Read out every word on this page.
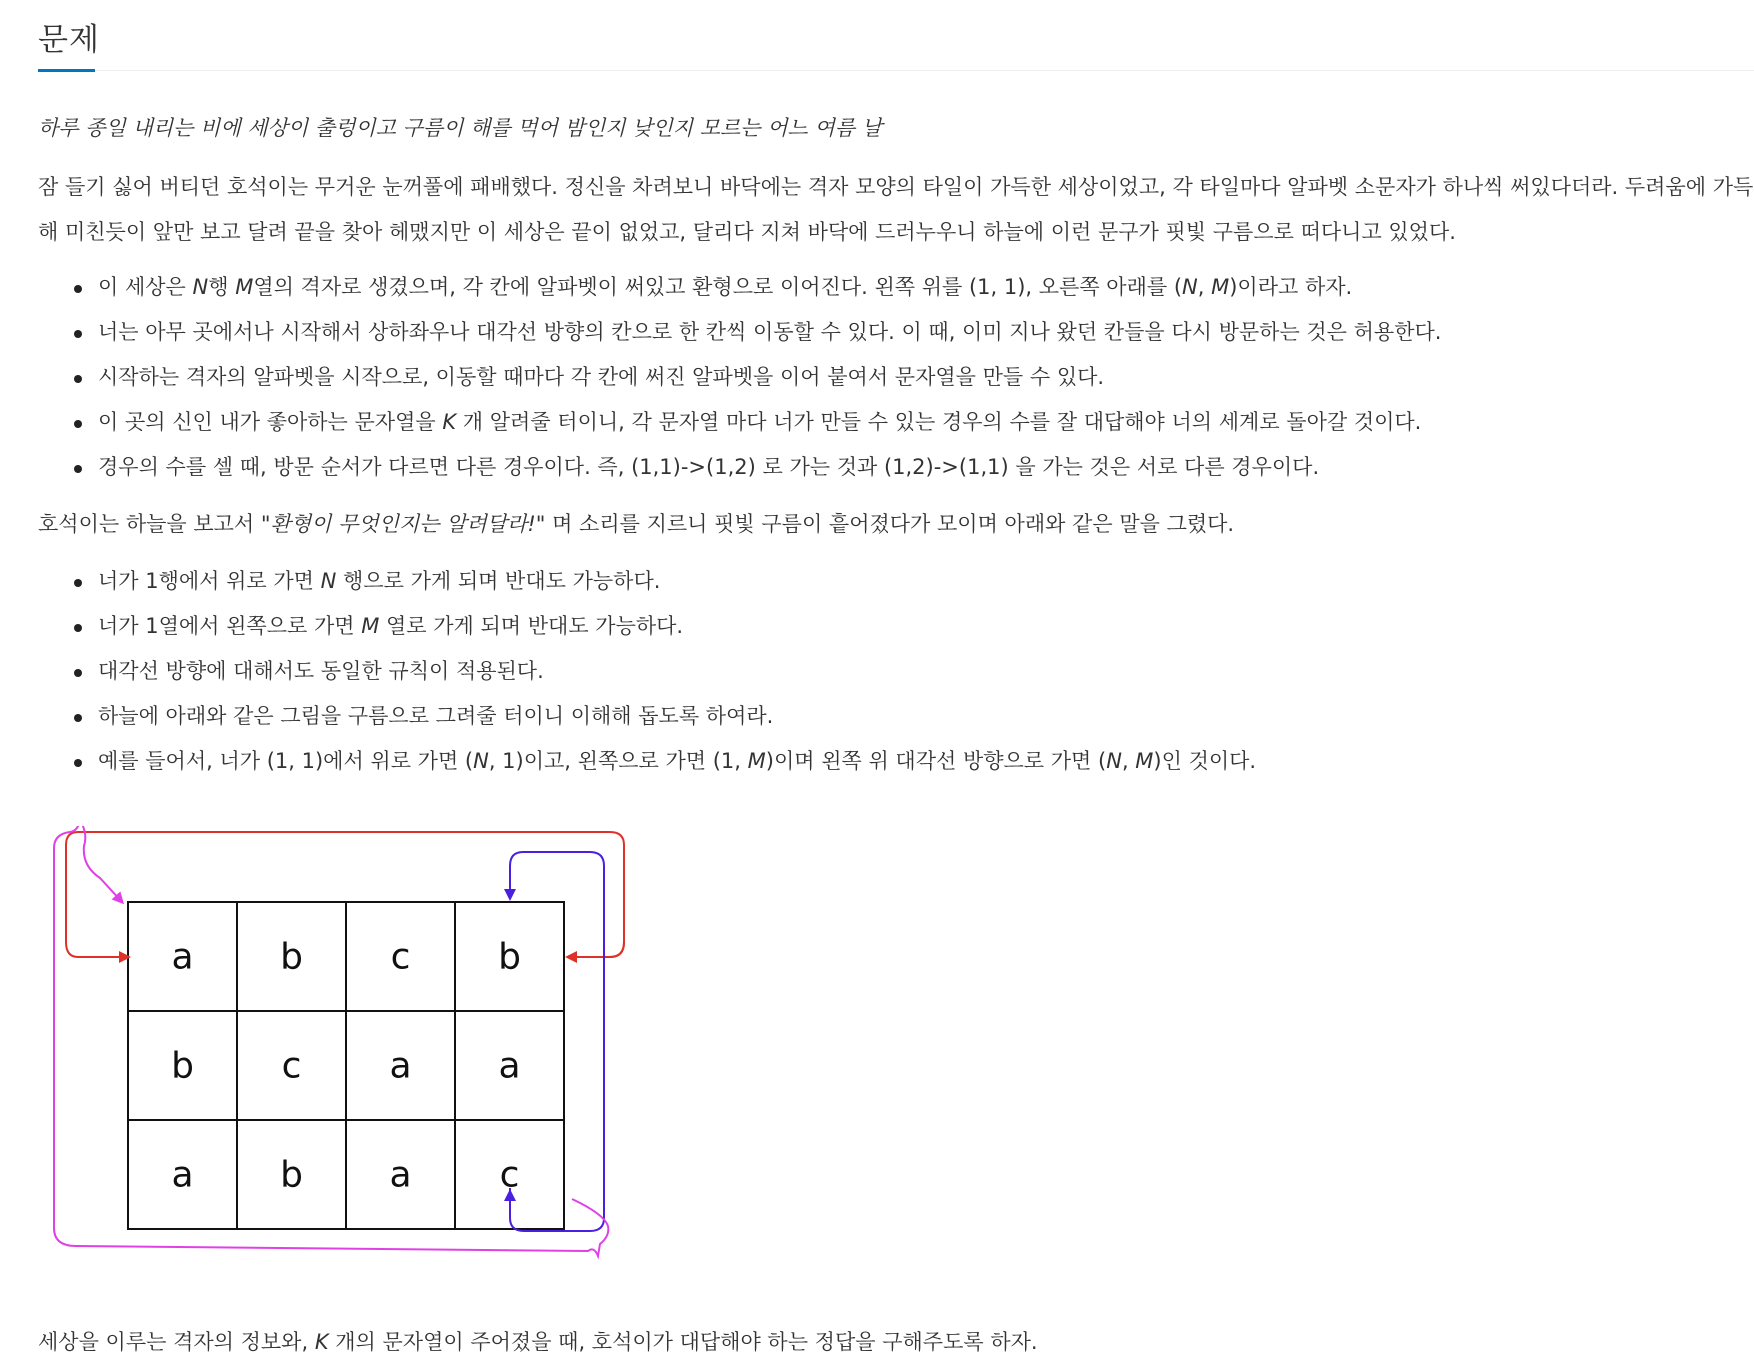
문제

하루 종일 내리는 비에 세상이 출렁이고 구름이 해를 먹어 밤인지 낮인지 모르는 어느 여름 날

잠 들기 싫어 버티던 호석이는 무거운 눈꺼풀에 패배했다. 정신을 차려보니 바닥에는 격자 모양의 타일이 가득한 세상이었고, 각 타일마다 알파벳 소문자가 하나씩 써있다더라. 두려움에 가득해 미친듯이 앞만 보고 달려 끝을 찾아 헤맸지만 이 세상은 끝이 없었고, 달리다 지쳐 바닥에 드러누우니 하늘에 이런 문구가 핏빛 구름으로 떠다니고 있었다.

이 세상은 N행 M열의 격자로 생겼으며, 각 칸에 알파벳이 써있고 환형으로 이어진다. 왼쪽 위를 (1, 1), 오른쪽 아래를 (N, M)이라고 하자.
너는 아무 곳에서나 시작해서 상하좌우나 대각선 방향의 칸으로 한 칸씩 이동할 수 있다. 이 때, 이미 지나 왔던 칸들을 다시 방문하는 것은 허용한다.
시작하는 격자의 알파벳을 시작으로, 이동할 때마다 각 칸에 써진 알파벳을 이어 붙여서 문자열을 만들 수 있다.
이 곳의 신인 내가 좋아하는 문자열을 K 개 알려줄 터이니, 각 문자열 마다 너가 만들 수 있는 경우의 수를 잘 대답해야 너의 세계로 돌아갈 것이다.
경우의 수를 셀 때, 방문 순서가 다르면 다른 경우이다. 즉, (1,1)->(1,2) 로 가는 것과 (1,2)->(1,1) 을 가는 것은 서로 다른 경우이다.

호석이는 하늘을 보고서 "환형이 무엇인지는 알려달라!" 며 소리를 지르니 핏빛 구름이 흩어졌다가 모이며 아래와 같은 말을 그렸다.

너가 1행에서 위로 가면 N 행으로 가게 되며 반대도 가능하다.
너가 1열에서 왼쪽으로 가면 M 열로 가게 되며 반대도 가능하다.
대각선 방향에 대해서도 동일한 규칙이 적용된다.
하늘에 아래와 같은 그림을 구름으로 그려줄 터이니 이해해 돕도록 하여라.
예를 들어서, 너가 (1, 1)에서 위로 가면 (N, 1)이고, 왼쪽으로 가면 (1, M)이며 왼쪽 위 대각선 방향으로 가면 (N, M)인 것이다.
a b c b
b c a a
a b a c

세상을 이루는 격자의 정보와, K 개의 문자열이 주어졌을 때, 호석이가 대답해야 하는 정답을 구해주도록 하자.
